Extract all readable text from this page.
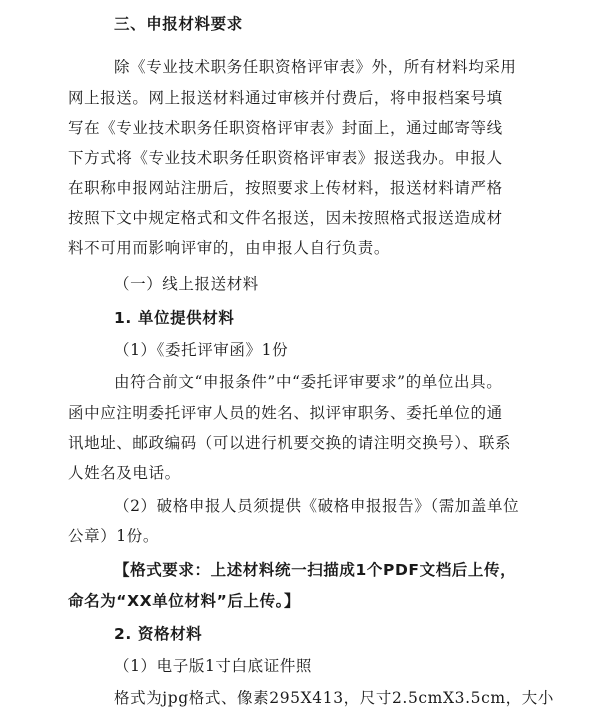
三、申报材料要求
除《专业技术职务任职资格评审表》外，所有材料均采用
网上报送。网上报送材料通过审核并付费后，将申报档案号填
写在《专业技术职务任职资格评审表》封面上，通过邮寄等线
下方式将《专业技术职务任职资格评审表》报送我办。申报人
在职称申报网站注册后，按照要求上传材料，报送材料请严格
按照下文中规定格式和文件名报送，因未按照格式报送造成材
料不可用而影响评审的，由申报人自行负责。
（一）线上报送材料
1. 单位提供材料
（1）《委托评审函》1份
由符合前文“申报条件”中“委托评审要求”的单位出具。
函中应注明委托评审人员的姓名、拟评审职务、委托单位的通
讯地址、邮政编码（可以进行机要交换的请注明交换号）、联系
人姓名及电话。
（2）破格申报人员须提供《破格申报报告》（需加盖单位
公章）1份。
【格式要求：上述材料统一扫描成1个PDF文档后上传，
命名为“XX单位材料”后上传。】
2. 资格材料
（1）电子版1寸白底证件照
格式为jpg格式、像素295X413，尺寸2.5cmX3.5cm，大小
